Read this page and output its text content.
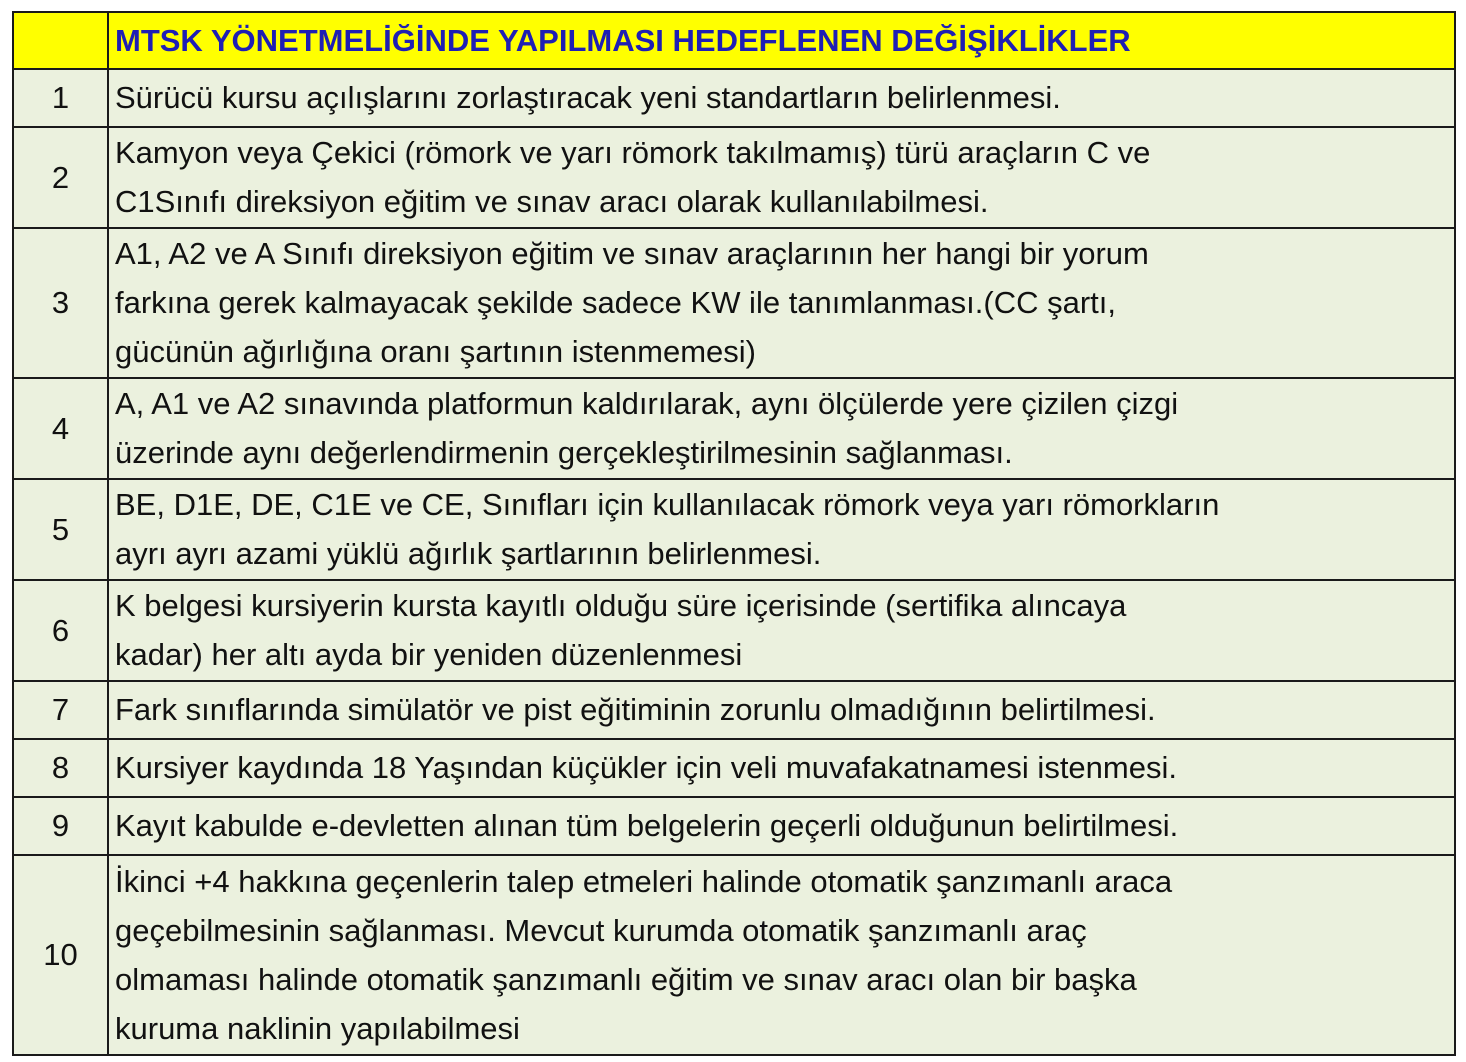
	MTSK YÖNETMELİĞİNDE YAPILMASI HEDEFLENEN DEĞİŞİKLİKLER
1	Sürücü kursu açılışlarını zorlaştıracak yeni standartların belirlenmesi.
2	Kamyon veya Çekici (römork ve yarı römork takılmamış) türü araçların C ve
C1Sınıfı direksiyon eğitim ve sınav aracı olarak kullanılabilmesi.
3	A1, A2 ve A Sınıfı direksiyon eğitim ve sınav araçlarının her hangi bir yorum
farkına gerek kalmayacak şekilde sadece KW ile tanımlanması.(CC şartı,
gücünün ağırlığına oranı şartının istenmemesi)
4	A, A1 ve A2 sınavında platformun kaldırılarak, aynı ölçülerde yere çizilen çizgi
üzerinde aynı değerlendirmenin gerçekleştirilmesinin sağlanması.
5	BE, D1E, DE, C1E ve CE, Sınıfları için kullanılacak römork veya yarı römorkların
ayrı ayrı azami yüklü ağırlık şartlarının belirlenmesi.
6	K belgesi kursiyerin kursta kayıtlı olduğu süre içerisinde (sertifika alıncaya
kadar) her altı ayda bir yeniden düzenlenmesi
7	Fark sınıflarında simülatör ve pist eğitiminin zorunlu olmadığının belirtilmesi.
8	Kursiyer kaydında 18 Yaşından küçükler için veli muvafakatnamesi istenmesi.
9	Kayıt kabulde e-devletten alınan tüm belgelerin geçerli olduğunun belirtilmesi.
10	İkinci +4 hakkına geçenlerin talep etmeleri halinde otomatik şanzımanlı araca
geçebilmesinin sağlanması. Mevcut kurumda otomatik şanzımanlı araç
olmaması halinde otomatik şanzımanlı eğitim ve sınav aracı olan bir başka
kuruma naklinin yapılabilmesi
